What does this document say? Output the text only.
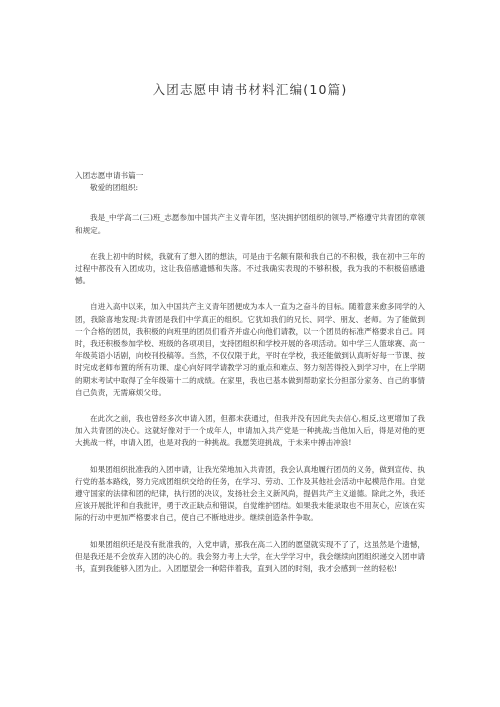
入团志愿申请书材料汇编(10篇)

入团志愿申请书篇一

敬爱的团组织:

我是_中学高二(三)班_志愿参加中国共产主义青年团，坚决拥护团组织的领导,严格遵守共青团的章领和规定。

在我上初中的时候，我就有了想入团的想法，可是由于名额有限和我自己的不积极，我在初中三年的过程中都没有入团成功，这让我倍感遗憾和失落。不过我确实表现的不够积极，我为我的不积极倍感遗憾。

自进入高中以来，加入中国共产主义青年团便成为本人一直为之奋斗的目标。随着意来愈多同学的入团，我除喜地发现:共青团是我们中学真正的组织。它犹如我们的兄长、同学、朋友、老师。为了能做到一个合格的团员，我积极的向班里的团员们看齐并虚心向他们请教，以一个团员的标准严格要求自己。同时，我还积极参加学校、班级的各项项目，支持团组织和学校开展的各项活动。如中学三人篮球赛、高一年级英语小话剧，向校刊投稿等。当然，不仅仅限于此，平时在学校，我还能做到认真听好每一节课、按时完成老师布置的所有功课、虚心向好同学请教学习的重点和难点、努力刻苦得投入到学习中，在上学期的期末考试中取得了全年级第十二的成绩。在家里，我也已基本做到帮助家长分担部分家务、自己的事情自己负责，无需麻烦父母。

在此次之前，我也曾经多次申请入团，但都未获通过，但我并没有因此失去信心,相反,这更增加了我加入共青团的决心。这就好像对于一个成年人，申请加入共产党是一种挑战;当他加入后，得是对他的更大挑战一样，申请入团，也是对我的一种挑战。我愿笑迎挑战，于未来中搏击冲浪!

如果团组织批准我的入团申请，让我光荣地加入共青团，我会认真地履行团员的义务，做到宣传、执行党的基本路线，努力完成团组织交给的任务，在学习、劳动、工作及其他社会活动中起模范作用。自觉遵守国家的法律和团的纪律，执行团的决议，发扬社会主义新风尚，提倡共产主义道德。除此之外，我还应该开展批评和自我批评，勇于改正缺点和错误，自觉维护团结。如果我未能录取也不用灰心，应该在实际的行动中更加严格要求自己，使自己不断地进步。继续创造条件争取。

如果团组织还是没有批准我的，入党申请，那我在高二入团的愿望就实现不了了，这虽然是个遗憾，但是我还是不会放弃入团的决心的。我会努力考上大学，在大学学习中，我会继续向团组织递交入团申请书，直到我能够入团为止。入团愿望会一种陪伴着我，直到入团的时刻，我才会感到一丝的轻松!
